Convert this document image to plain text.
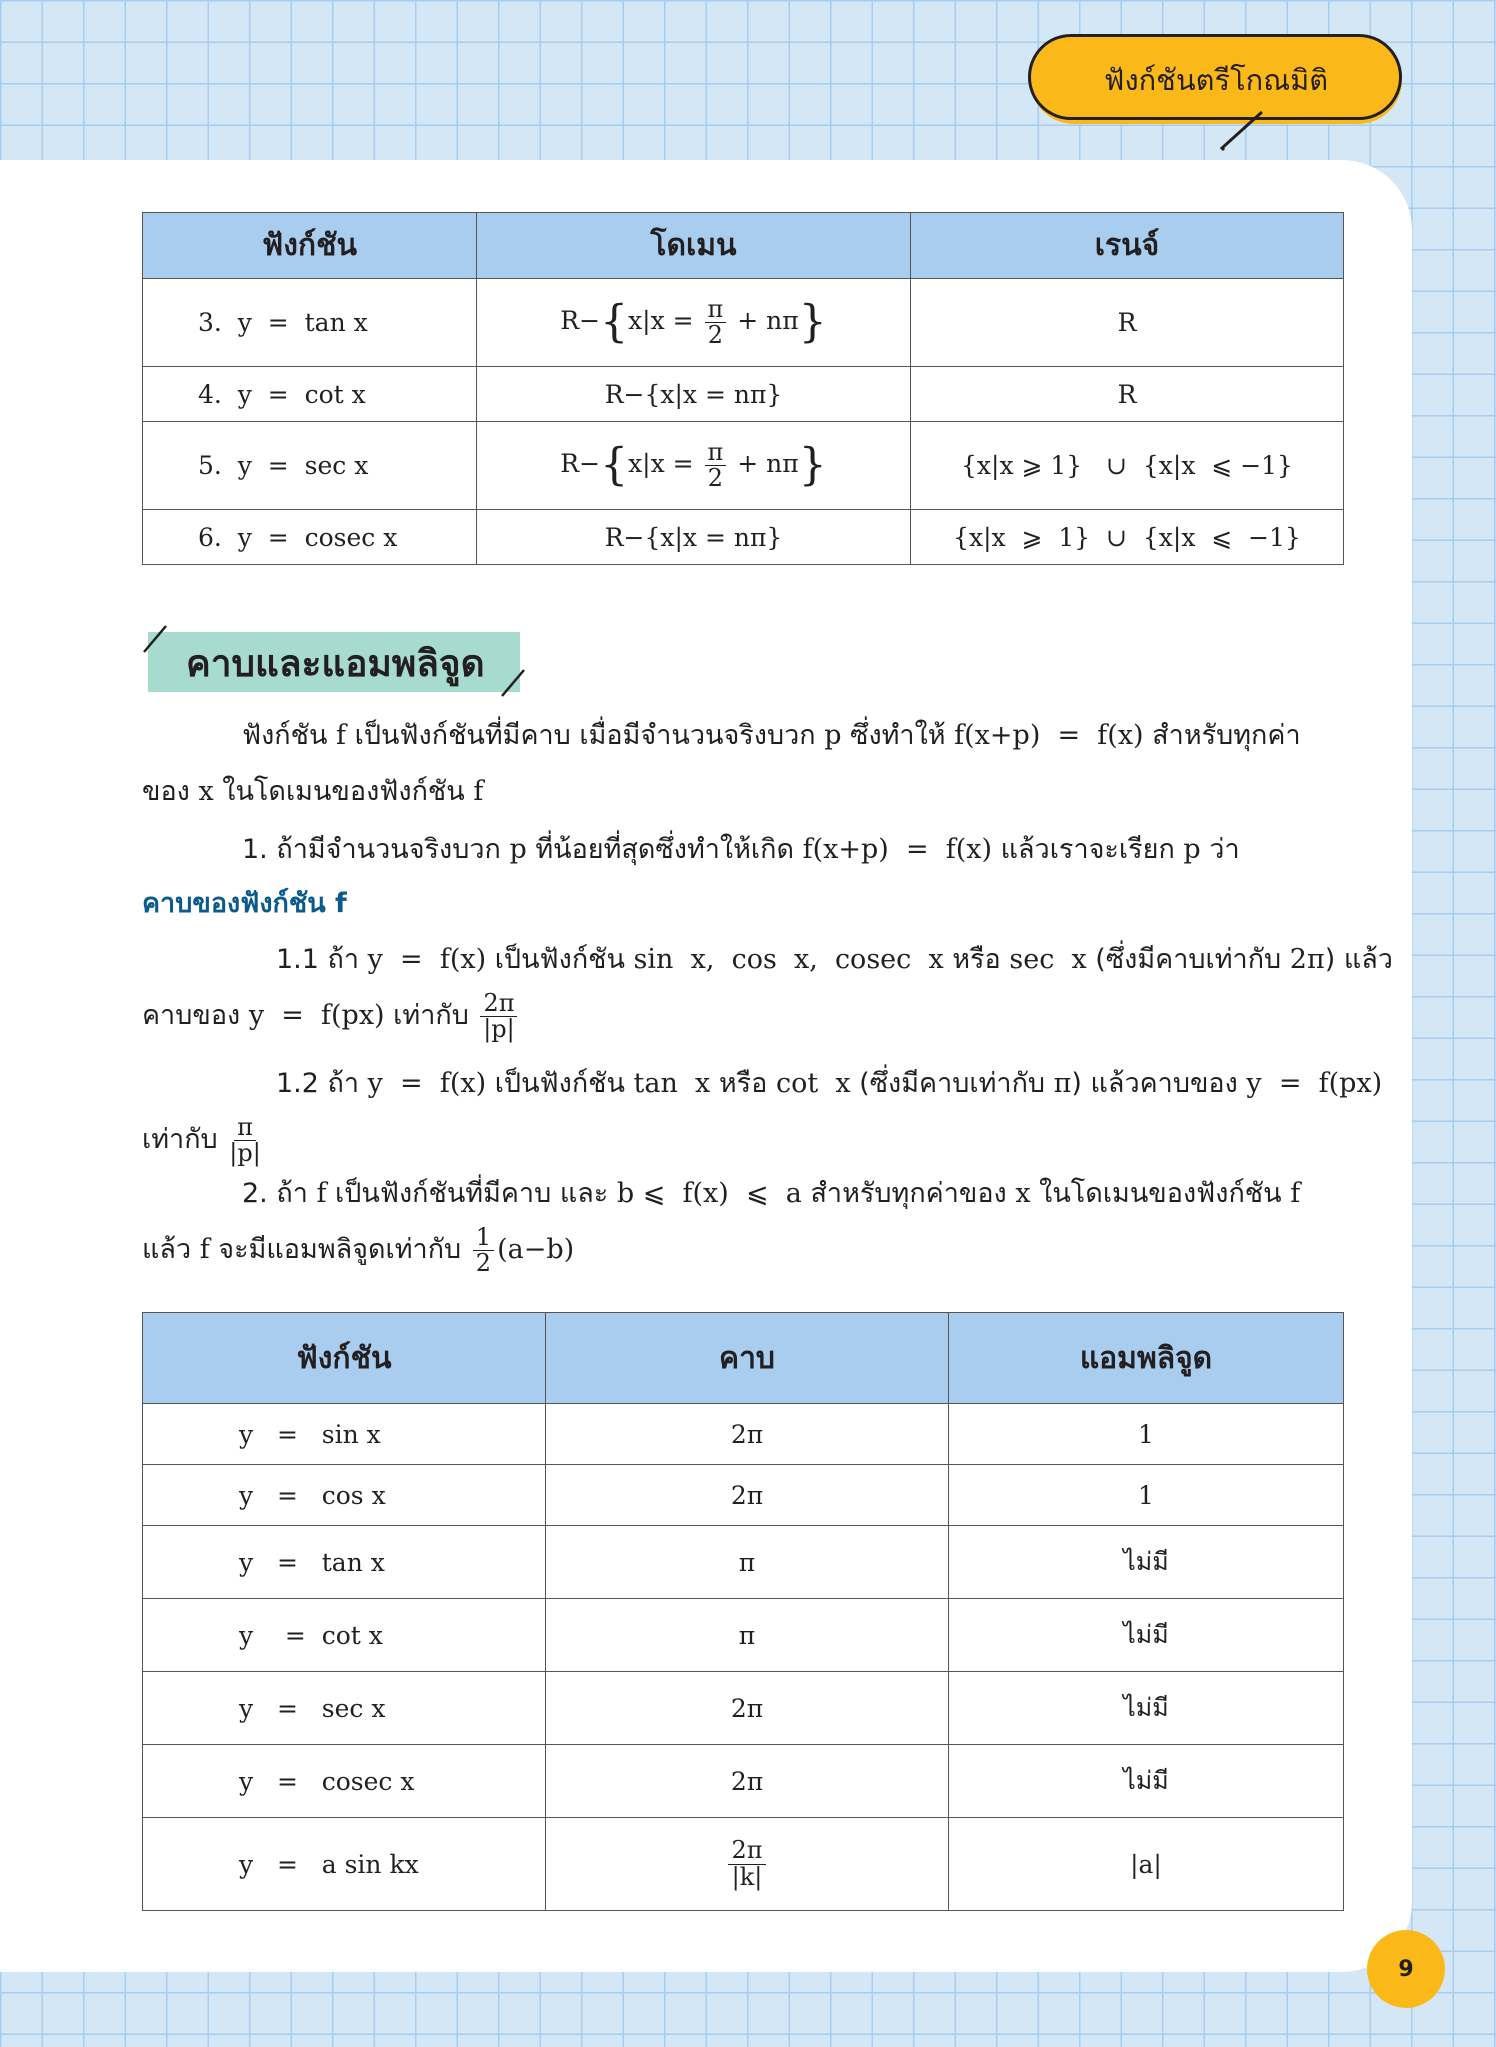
ฟังก์ชันตรีโกณมิติ
ฟังก์ชัน	โดเมน	เรนจ์
3. y  =  tan x	$R-\{x|x = \frac{\pi}{2} + n\pi\}$	R
4. y  =  cot x	R−{x|x = nπ}	R
5. y  =  sec x	$R-\{x|x = \frac{\pi}{2} + n\pi\}$	{x|x ⩾ 1}   ∪  {x|x  ⩽ −1}
6. y  =  cosec x	R−{x|x = nπ}	{x|x  ⩾  1}  ∪  {x|x  ⩽  −1}
คาบและแอมพลิจูด
ฟังก์ชัน f เป็นฟังก์ชันที่มีคาบ เมื่อมีจำนวนจริงบวก p ซึ่งทำให้ f(x+p)  =  f(x) สำหรับทุกค่า
ของ x ในโดเมนของฟังก์ชัน f
1. ถ้ามีจำนวนจริงบวก p ที่น้อยที่สุดซึ่งทำให้เกิด f(x+p)  =  f(x) แล้วเราจะเรียก p ว่า
คาบของฟังก์ชัน f
1.1 ถ้า y  =  f(x) เป็นฟังก์ชัน sin  x,  cos  x,  cosec  x หรือ sec  x (ซึ่งมีคาบเท่ากับ 2π) แล้ว
คาบของ y  =  f(px) เท่ากับ $\frac{2\pi}{|p|}$
1.2 ถ้า y  =  f(x) เป็นฟังก์ชัน tan  x หรือ cot  x (ซึ่งมีคาบเท่ากับ π) แล้วคาบของ y  =  f(px)
เท่ากับ $\frac{\pi}{|p|}$
2. ถ้า f เป็นฟังก์ชันที่มีคาบ และ b ⩽  f(x)  ⩽  a สำหรับทุกค่าของ x ในโดเมนของฟังก์ชัน f
แล้ว f จะมีแอมพลิจูดเท่ากับ $\frac{1}{2} (a-b)$
ฟังก์ชัน	คาบ	แอมพลิจูด
y   =   sin x	2π	1
y   =   cos x	2π	1
y   =   tan x	π	ไม่มี
y    =  cot x	π	ไม่มี
y   =   sec x	2π	ไม่มี
y   =   cosec x	2π	ไม่มี
y   =   a sin kx	$\frac{2\pi}{|k|}$	|a|
9
